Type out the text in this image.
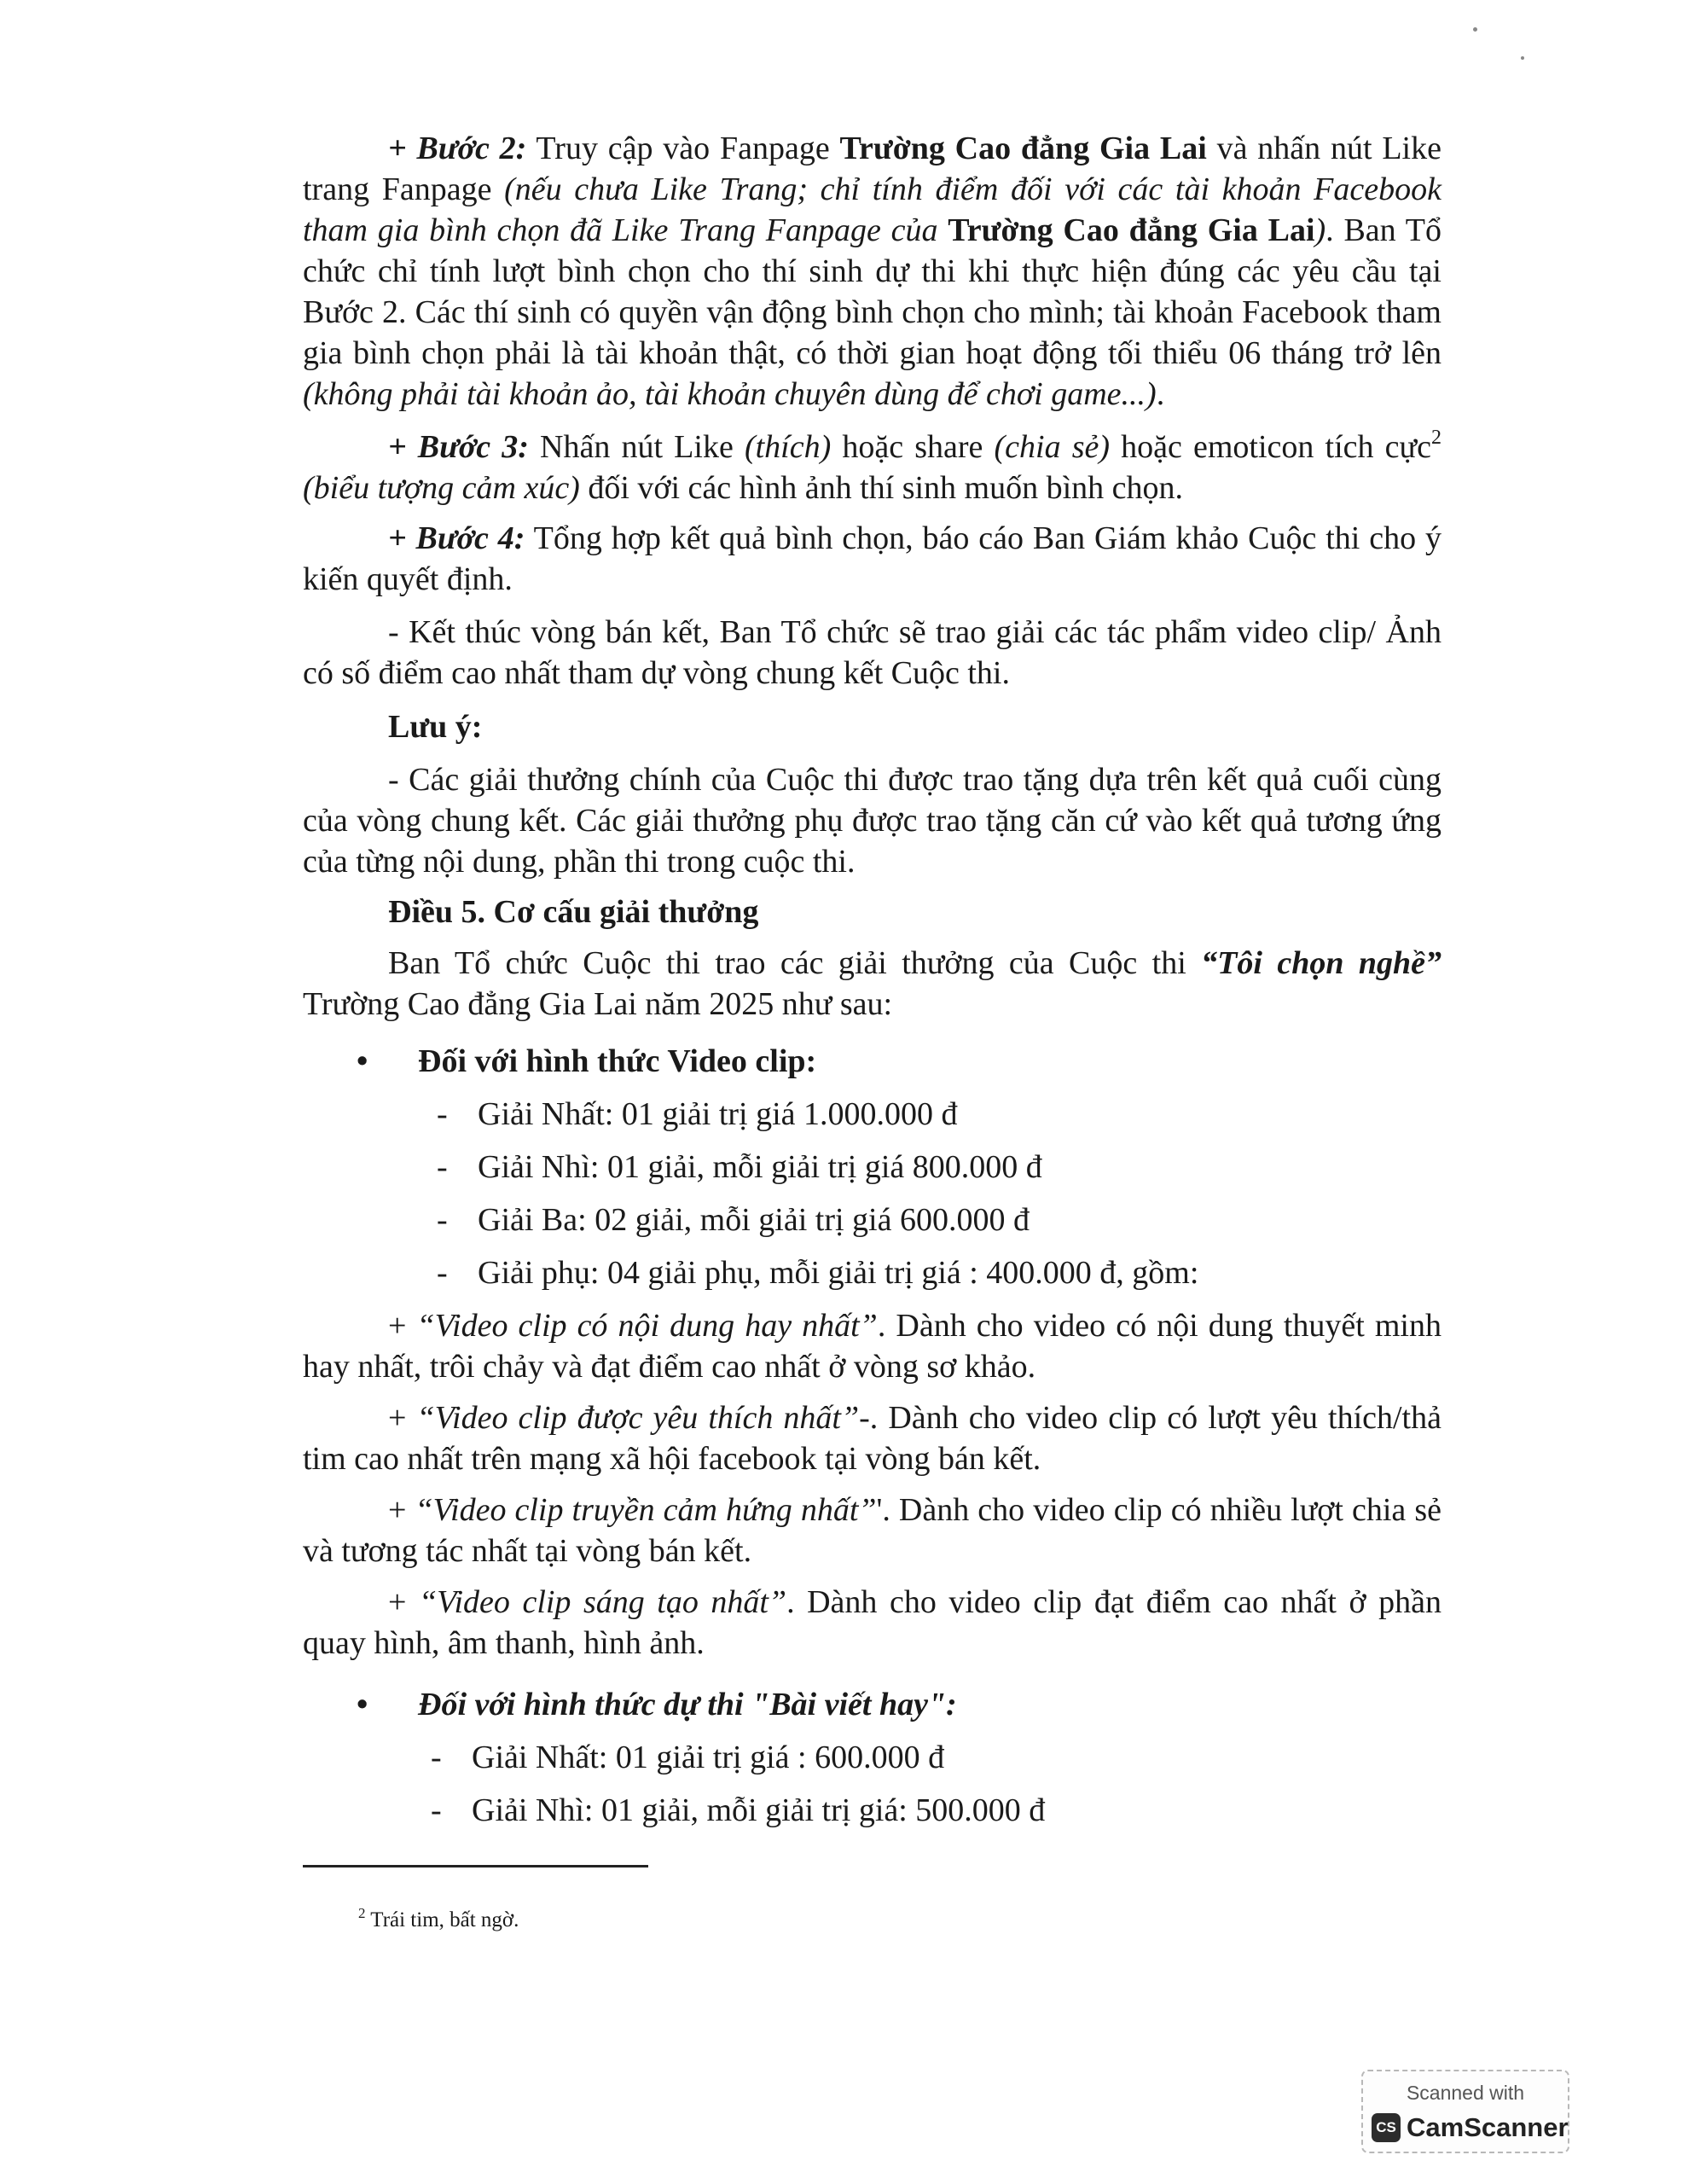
+ Bước 2: Truy cập vào Fanpage Trường Cao đẳng Gia Lai và nhấn nút Like trang Fanpage (nếu chưa Like Trang; chỉ tính điểm đối với các tài khoản Facebook tham gia bình chọn đã Like Trang Fanpage của Trường Cao đẳng Gia Lai). Ban Tổ chức chỉ tính lượt bình chọn cho thí sinh dự thi khi thực hiện đúng các yêu cầu tại Bước 2. Các thí sinh có quyền vận động bình chọn cho mình; tài khoản Facebook tham gia bình chọn phải là tài khoản thật, có thời gian hoạt động tối thiểu 06 tháng trở lên (không phải tài khoản ảo, tài khoản chuyên dùng để chơi game...).

+ Bước 3: Nhấn nút Like (thích) hoặc share (chia sẻ) hoặc emoticon tích cực$^2$ (biểu tượng cảm xúc) đối với các hình ảnh thí sinh muốn bình chọn.

+ Bước 4: Tổng hợp kết quả bình chọn, báo cáo Ban Giám khảo Cuộc thi cho ý kiến quyết định.

- Kết thúc vòng bán kết, Ban Tổ chức sẽ trao giải các tác phẩm video clip/ Ảnh có số điểm cao nhất tham dự vòng chung kết Cuộc thi.

Lưu ý:

- Các giải thưởng chính của Cuộc thi được trao tặng dựa trên kết quả cuối cùng của vòng chung kết. Các giải thưởng phụ được trao tặng căn cứ vào kết quả tương ứng của từng nội dung, phần thi trong cuộc thi.

Điều 5. Cơ cấu giải thưởng

Ban Tổ chức Cuộc thi trao các giải thưởng của Cuộc thi “Tôi chọn nghề” Trường Cao đẳng Gia Lai năm 2025 như sau:

• Đối với hình thức Video clip:

- Giải Nhất: 01 giải trị giá 1.000.000 đ

- Giải Nhì: 01 giải, mỗi giải trị giá 800.000 đ

- Giải Ba: 02 giải, mỗi giải trị giá 600.000 đ

- Giải phụ: 04 giải phụ, mỗi giải trị giá : 400.000 đ, gồm:

+ “Video clip có nội dung hay nhất”. Dành cho video có nội dung thuyết minh hay nhất, trôi chảy và đạt điểm cao nhất ở vòng sơ khảo.

+ “Video clip được yêu thích nhất”-. Dành cho video clip có lượt yêu thích/thả tim cao nhất trên mạng xã hội facebook tại vòng bán kết.

+ “Video clip truyền cảm hứng nhất”'. Dành cho video clip có nhiều lượt chia sẻ và tương tác nhất tại vòng bán kết.

+ “Video clip sáng tạo nhất”. Dành cho video clip đạt điểm cao nhất ở phần quay hình, âm thanh, hình ảnh.

• Đối với hình thức dự thi "Bài viết hay":

- Giải Nhất: 01 giải trị giá : 600.000 đ

- Giải Nhì: 01 giải, mỗi giải trị giá: 500.000 đ

$^2$ Trái tim, bất ngờ.

Scanned with
CS CamScanner
